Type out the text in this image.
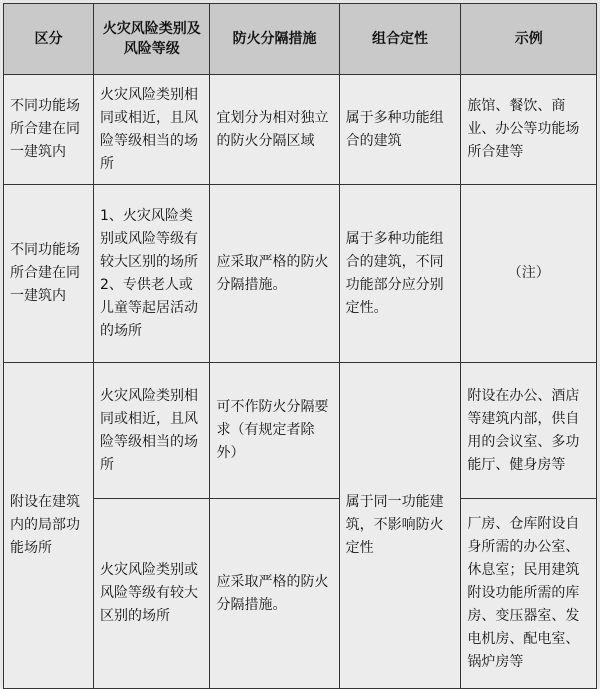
区分	火灾风险类别及风险等级	防火分隔措施	组合定性	示例
不同功能场所合建在同一建筑内	火灾风险类别相同或相近，且风险等级相当的场所	宜划分为相对独立的防火分隔区域	属于多种功能组合的建筑	旅馆、餐饮、商业、办公等功能场所合建等
不同功能场所合建在同一建筑内	1、火灾风险类别或风险等级有较大区别的场所 2、专供老人或儿童等起居活动的场所	应采取严格的防火分隔措施。	属于多种功能组合的建筑，不同功能部分应分别定性。	（注）
附设在建筑内的局部功能场所	火灾风险类别相同或相近，且风险等级相当的场所	可不作防火分隔要求（有规定者除外）	属于同一功能建筑，不影响防火定性	附设在办公、酒店等建筑内部，供自用的会议室、多功能厅、健身房等
	火灾风险类别或风险等级有较大区别的场所	应采取严格的防火分隔措施。		厂房、仓库附设自身所需的办公室、休息室；民用建筑附设功能所需的库房、变压器室、发电机房、配电室、锅炉房等
